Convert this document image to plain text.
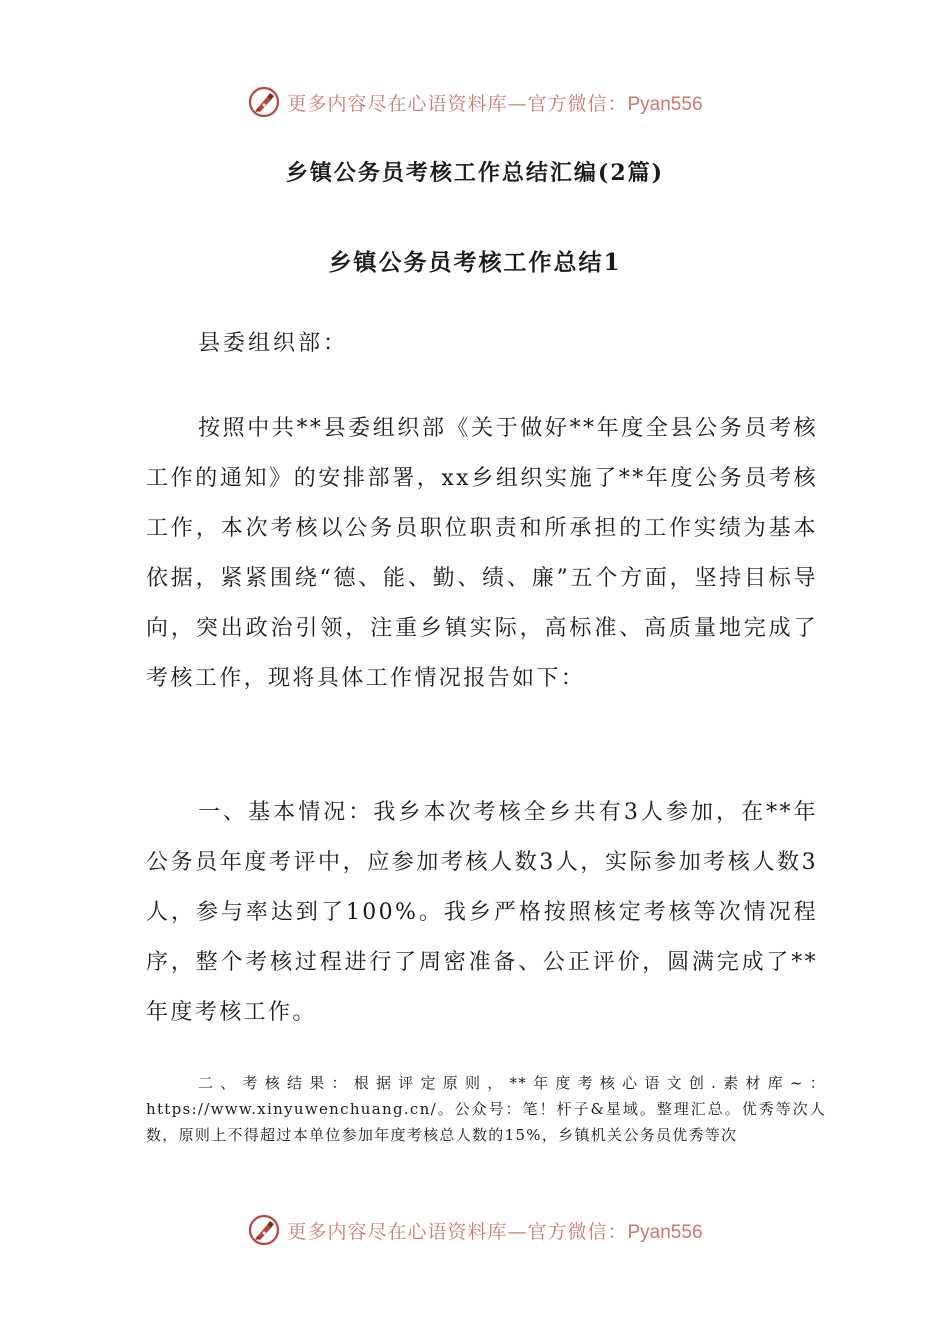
更多内容尽在心语资料库—官方微信：Pyan556
乡镇公务员考核工作总结汇编(2篇)
乡镇公务员考核工作总结1
县委组织部：

按照中共**县委组织部《关于做好**年度全县公务员考核工作的通知》的安排部署，xx乡组织实施了**年度公务员考核工作，本次考核以公务员职位职责和所承担的工作实绩为基本依据，紧紧围绕“德、能、勤、绩、廉”五个方面，坚持目标导向，突出政治引领，注重乡镇实际，高标准、高质量地完成了考核工作，现将具体工作情况报告如下：

一、基本情况：我乡本次考核全乡共有3人参加，在**年公务员年度考评中，应参加考核人数3人，实际参加考核人数3人，参与率达到了100%。我乡严格按照核定考核等次情况程序，整个考核过程进行了周密准备、公正评价，圆满完成了**年度考核工作。

二、考核结果：根据评定原则，**年度考核心语文创.素材库~：https://www.xinyuwenchuang.cn/。公众号：笔！杆子&星域。整理汇总。优秀等次人数，原则上不得超过本单位参加年度考核总人数的15%，乡镇机关公务员优秀等次

更多内容尽在心语资料库—官方微信：Pyan556
